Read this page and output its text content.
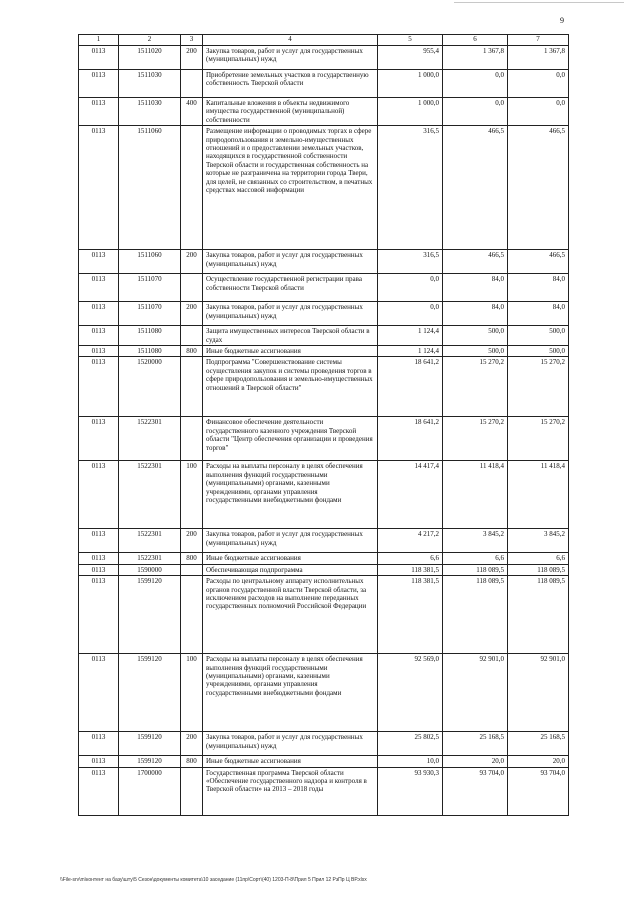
9
1	2	3	4	5	6	7
0113	1511020	200	Закупка товаров, работ и услуг для государственных (муниципальных) нужд	955,4	1 367,8	1 367,8
0113	1511030		Приобретение земельных участков в государственную собственность Тверской области	1 000,0	0,0	0,0
0113	1511030	400	Капитальные вложения в объекты недвижимого имущества государственной (муниципальной) собственности	1 000,0	0,0	0,0
0113	1511060		Размещение информации о проводимых торгах в сфере природопользования и земельно-имущественных отношений и о предоставлении земельных участков, находящихся в государственной собственности Тверской области и государственная собственность на которые не разграничена на территории города Твери, для целей, не связанных со строительством, в печатных средствах массовой информации	316,5	466,5	466,5
0113	1511060	200	Закупка товаров, работ и услуг для государственных (муниципальных) нужд	316,5	466,5	466,5
0113	1511070		Осуществление государственной регистрации права собственности Тверской области	0,0	84,0	84,0
0113	1511070	200	Закупка товаров, работ и услуг для государственных (муниципальных) нужд	0,0	84,0	84,0
0113	1511080		Защита имущественных интересов Тверской области в судах	1 124,4	500,0	500,0
0113	1511080	800	Иные бюджетные ассигнования	1 124,4	500,0	500,0
0113	1520000		Подпрограмма "Совершенствование системы осуществления закупок и системы проведения торгов в сфере природопользования и земельно-имущественных отношений в Тверской области"	18 641,2	15 270,2	15 270,2
0113	1522301		Финансовое обеспечение деятельности государственного казенного учреждения Тверской области "Центр обеспечения организации и проведения торгов"	18 641,2	15 270,2	15 270,2
0113	1522301	100	Расходы на выплаты персоналу в целях обеспечения выполнения функций государственными (муниципальными) органами, казенными учреждениями, органами управления государственными внебюджетными фондами	14 417,4	11 418,4	11 418,4
0113	1522301	200	Закупка товаров, работ и услуг для государственных (муниципальных) нужд	4 217,2	3 845,2	3 845,2
0113	1522301	800	Иные бюджетные ассигнования	6,6	6,6	6,6
0113	1590000		Обеспечивающая подпрограмма	118 381,5	118 089,5	118 089,5
0113	1599120		Расходы по центральному аппарату исполнительных органов государственной власти Тверской области, за исключением расходов на выполнение переданных государственных полномочий Российской Федерации	118 381,5	118 089,5	118 089,5
0113	1599120	100	Расходы на выплаты персоналу в целях обеспечения выполнения функций государственными (муниципальными) органами, казенными учреждениями, органами управления государственными внебюджетными фондами	92 569,0	92 901,0	92 901,0
0113	1599120	200	Закупка товаров, работ и услуг для государственных (муниципальных) нужд	25 802,5	25 168,5	25 168,5
0113	1599120	800	Иные бюджетные ассигнования	10,0	20,0	20,0
0113	1700000		Государственная программа Тверской области «Обеспечение государственного надзора и контроля в Тверской области» на 2013 – 2018 годы	93 930,3	93 704,0	93 704,0
\\File-srv\m\контент на базу\шту\5 Сезон\документы комитета\10 заседание (11пр\Сорт\(40) 1203-П-8\Прил 5 Прил 12 РзПр Ц ВР.xlsx
